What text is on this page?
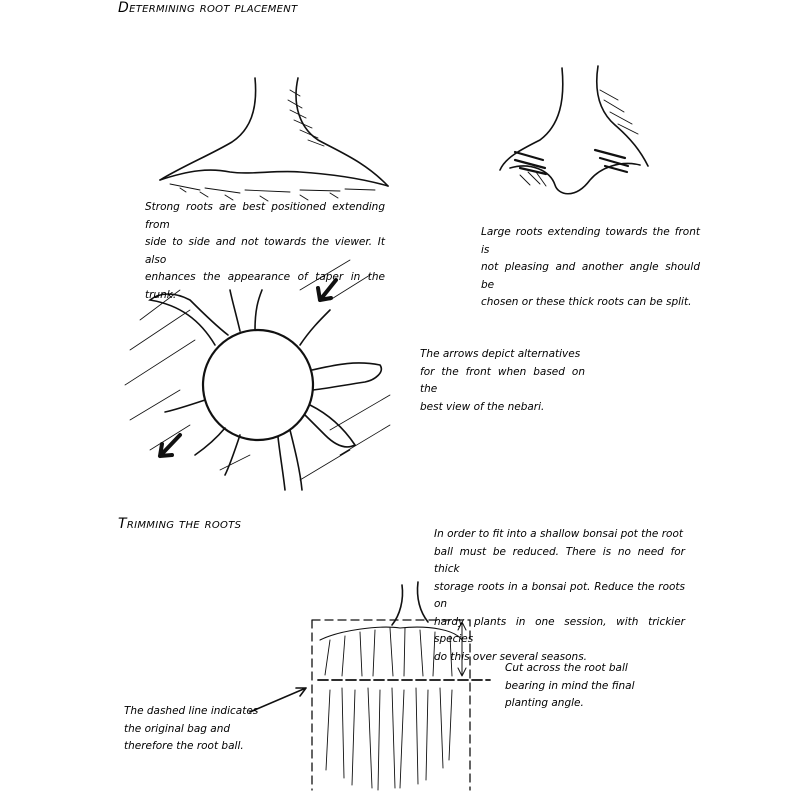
Determining root placement
Strong roots are best positioned extending from
side to side and not towards the viewer. It also
enhances the appearance of taper in the trunk.
Large roots extending towards the front is
not pleasing and another angle should be
chosen or these thick roots can be split.
The arrows depict alternatives
for the front when based on the
best view of the nebari.
Trimming the roots
In order to fit into a shallow bonsai pot the root
ball must be reduced. There is no need for thick
storage roots in a bonsai pot. Reduce the roots on
hardy plants in one session, with trickier species
do this over several seasons.
Cut across the root ball
bearing in mind the final
planting angle.
The dashed line indicates
the original bag and
therefore the root ball.
